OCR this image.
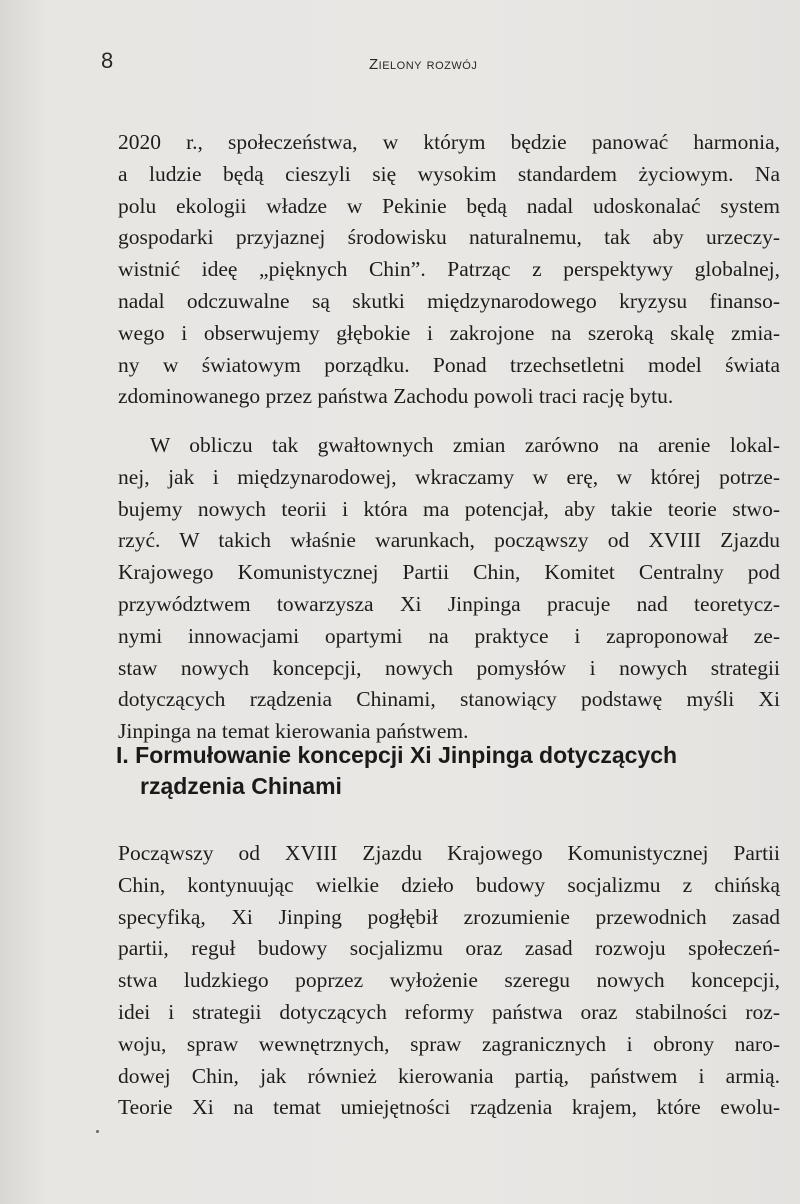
8	Zielony rozwój
2020 r., społeczeństwa, w którym będzie panować harmonia,
a ludzie będą cieszyli się wysokim standardem życiowym. Na
polu ekologii władze w Pekinie będą nadal udoskonalać system
gospodarki przyjaznej środowisku naturalnemu, tak aby urzeczy-
wistnić ideę „pięknych Chin”. Patrząc z perspektywy globalnej,
nadal odczuwalne są skutki międzynarodowego kryzysu finanso-
wego i obserwujemy głębokie i zakrojone na szeroką skalę zmia-
ny w światowym porządku. Ponad trzechsetletni model świata
zdominowanego przez państwa Zachodu powoli traci rację bytu.
W obliczu tak gwałtownych zmian zarówno na arenie lokal-
nej, jak i międzynarodowej, wkraczamy w erę, w której potrze-
bujemy nowych teorii i która ma potencjał, aby takie teorie stwo-
rzyć. W takich właśnie warunkach, począwszy od XVIII Zjazdu
Krajowego Komunistycznej Partii Chin, Komitet Centralny pod
przywództwem towarzysza Xi Jinpinga pracuje nad teoretycz-
nymi innowacjami opartymi na praktyce i zaproponował ze-
staw nowych koncepcji, nowych pomysłów i nowych strategii
dotyczących rządzenia Chinami, stanowiący podstawę myśli Xi
Jinpinga na temat kierowania państwem.
I. Formułowanie koncepcji Xi Jinpinga dotyczących
rządzenia Chinami
Począwszy od XVIII Zjazdu Krajowego Komunistycznej Partii
Chin, kontynuując wielkie dzieło budowy socjalizmu z chińską
specyfiką, Xi Jinping pogłębił zrozumienie przewodnich zasad
partii, reguł budowy socjalizmu oraz zasad rozwoju społeczeń-
stwa ludzkiego poprzez wyłożenie szeregu nowych koncepcji,
idei i strategii dotyczących reformy państwa oraz stabilności roz-
woju, spraw wewnętrznych, spraw zagranicznych i obrony naro-
dowej Chin, jak również kierowania partią, państwem i armią.
Teorie Xi na temat umiejętności rządzenia krajem, które ewolu-
